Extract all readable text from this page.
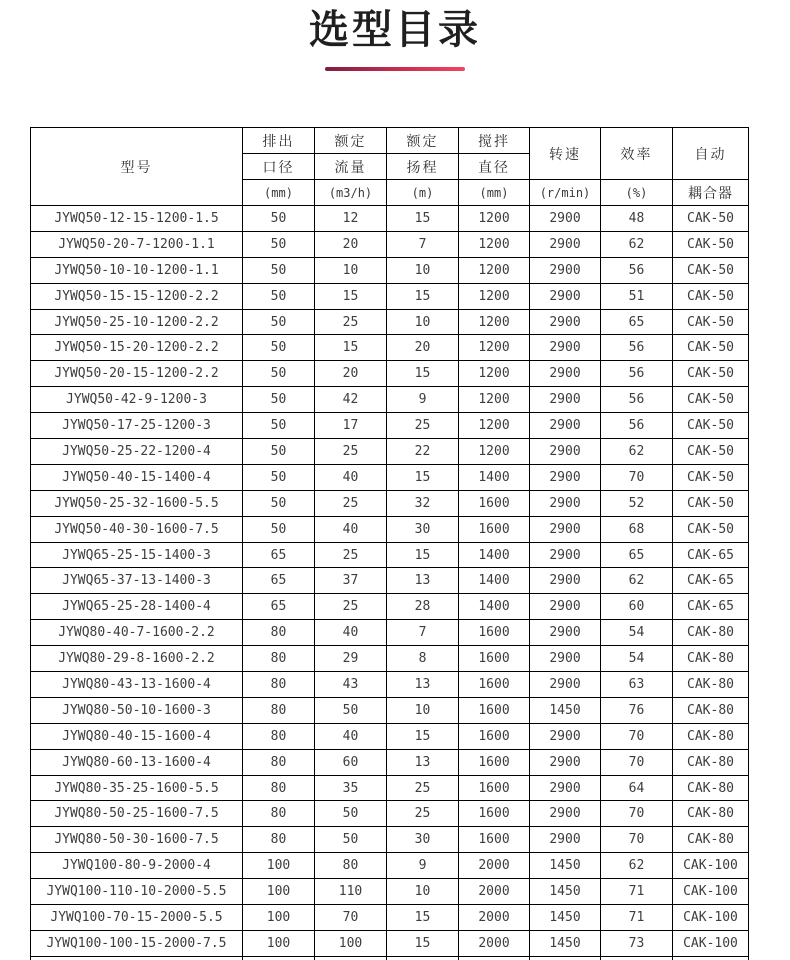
选型目录
型号	排出	额定	额定	搅拌	转速	效率	自动
	口径	流量	扬程	直径			
	(mm)	(m3/h)	(m)	(mm)	(r/min)	(%)	耦合器
JYWQ50-12-15-1200-1.5	50	12	15	1200	2900	48	CAK-50
JYWQ50-20-7-1200-1.1	50	20	7	1200	2900	62	CAK-50
JYWQ50-10-10-1200-1.1	50	10	10	1200	2900	56	CAK-50
JYWQ50-15-15-1200-2.2	50	15	15	1200	2900	51	CAK-50
JYWQ50-25-10-1200-2.2	50	25	10	1200	2900	65	CAK-50
JYWQ50-15-20-1200-2.2	50	15	20	1200	2900	56	CAK-50
JYWQ50-20-15-1200-2.2	50	20	15	1200	2900	56	CAK-50
JYWQ50-42-9-1200-3	50	42	9	1200	2900	56	CAK-50
JYWQ50-17-25-1200-3	50	17	25	1200	2900	56	CAK-50
JYWQ50-25-22-1200-4	50	25	22	1200	2900	62	CAK-50
JYWQ50-40-15-1400-4	50	40	15	1400	2900	70	CAK-50
JYWQ50-25-32-1600-5.5	50	25	32	1600	2900	52	CAK-50
JYWQ50-40-30-1600-7.5	50	40	30	1600	2900	68	CAK-50
JYWQ65-25-15-1400-3	65	25	15	1400	2900	65	CAK-65
JYWQ65-37-13-1400-3	65	37	13	1400	2900	62	CAK-65
JYWQ65-25-28-1400-4	65	25	28	1400	2900	60	CAK-65
JYWQ80-40-7-1600-2.2	80	40	7	1600	2900	54	CAK-80
JYWQ80-29-8-1600-2.2	80	29	8	1600	2900	54	CAK-80
JYWQ80-43-13-1600-4	80	43	13	1600	2900	63	CAK-80
JYWQ80-50-10-1600-3	80	50	10	1600	1450	76	CAK-80
JYWQ80-40-15-1600-4	80	40	15	1600	2900	70	CAK-80
JYWQ80-60-13-1600-4	80	60	13	1600	2900	70	CAK-80
JYWQ80-35-25-1600-5.5	80	35	25	1600	2900	64	CAK-80
JYWQ80-50-25-1600-7.5	80	50	25	1600	2900	70	CAK-80
JYWQ80-50-30-1600-7.5	80	50	30	1600	2900	70	CAK-80
JYWQ100-80-9-2000-4	100	80	9	2000	1450	62	CAK-100
JYWQ100-110-10-2000-5.5	100	110	10	2000	1450	71	CAK-100
JYWQ100-70-15-2000-5.5	100	70	15	2000	1450	71	CAK-100
JYWQ100-100-15-2000-7.5	100	100	15	2000	1450	73	CAK-100
